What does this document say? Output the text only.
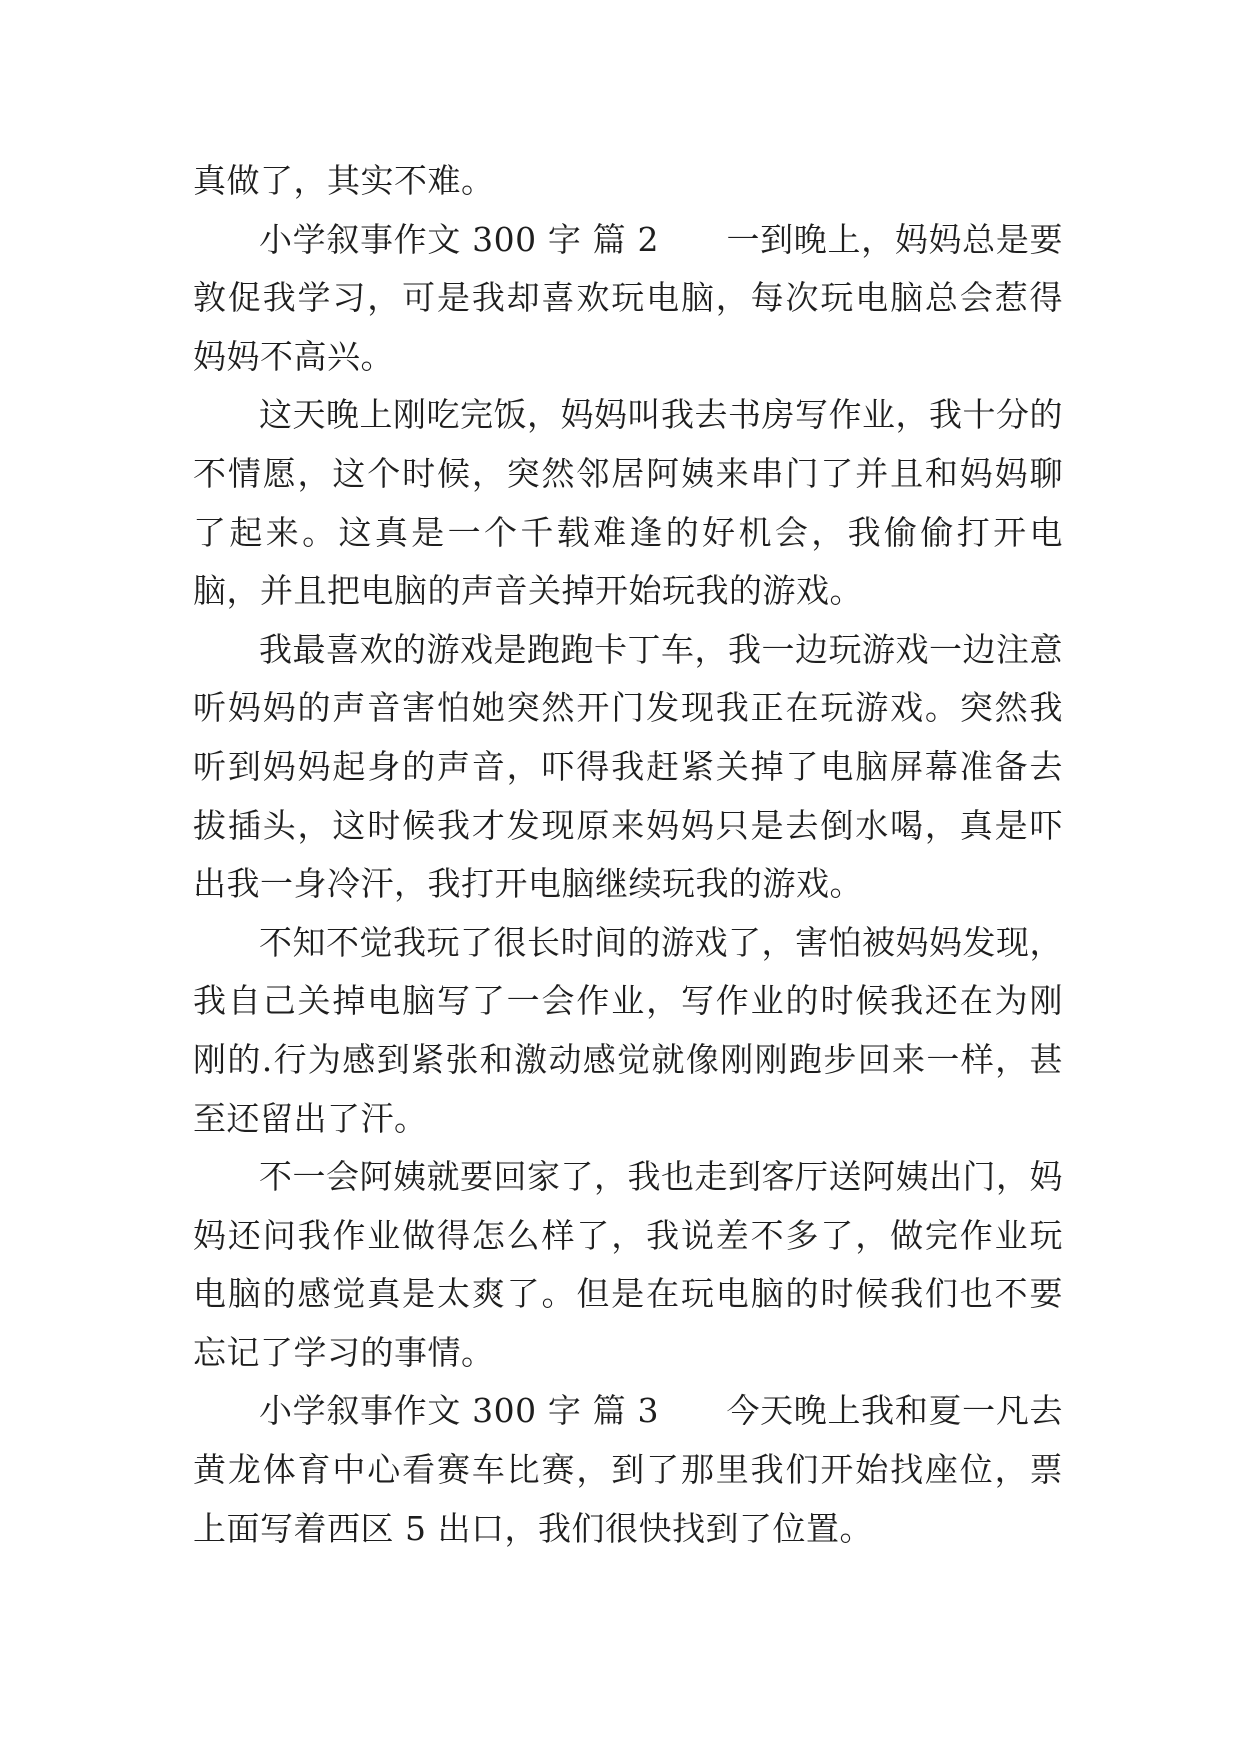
真做了，其实不难。

小学叙事作文 300 字 篇 2　　一到晚上，妈妈总是要敦促我学习，可是我却喜欢玩电脑，每次玩电脑总会惹得妈妈不高兴。

这天晚上刚吃完饭，妈妈叫我去书房写作业，我十分的不情愿，这个时候，突然邻居阿姨来串门了并且和妈妈聊了起来。这真是一个千载难逢的好机会，我偷偷打开电脑，并且把电脑的声音关掉开始玩我的游戏。

我最喜欢的游戏是跑跑卡丁车，我一边玩游戏一边注意听妈妈的声音害怕她突然开门发现我正在玩游戏。突然我听到妈妈起身的声音，吓得我赶紧关掉了电脑屏幕准备去拔插头，这时候我才发现原来妈妈只是去倒水喝，真是吓出我一身冷汗，我打开电脑继续玩我的游戏。

不知不觉我玩了很长时间的游戏了，害怕被妈妈发现，我自己关掉电脑写了一会作业，写作业的时候我还在为刚刚的.行为感到紧张和激动感觉就像刚刚跑步回来一样，甚至还留出了汗。

不一会阿姨就要回家了，我也走到客厅送阿姨出门，妈妈还问我作业做得怎么样了，我说差不多了，做完作业玩电脑的感觉真是太爽了。但是在玩电脑的时候我们也不要忘记了学习的事情。

小学叙事作文 300 字 篇 3　　今天晚上我和夏一凡去黄龙体育中心看赛车比赛，到了那里我们开始找座位，票上面写着西区 5 出口，我们很快找到了位置。
